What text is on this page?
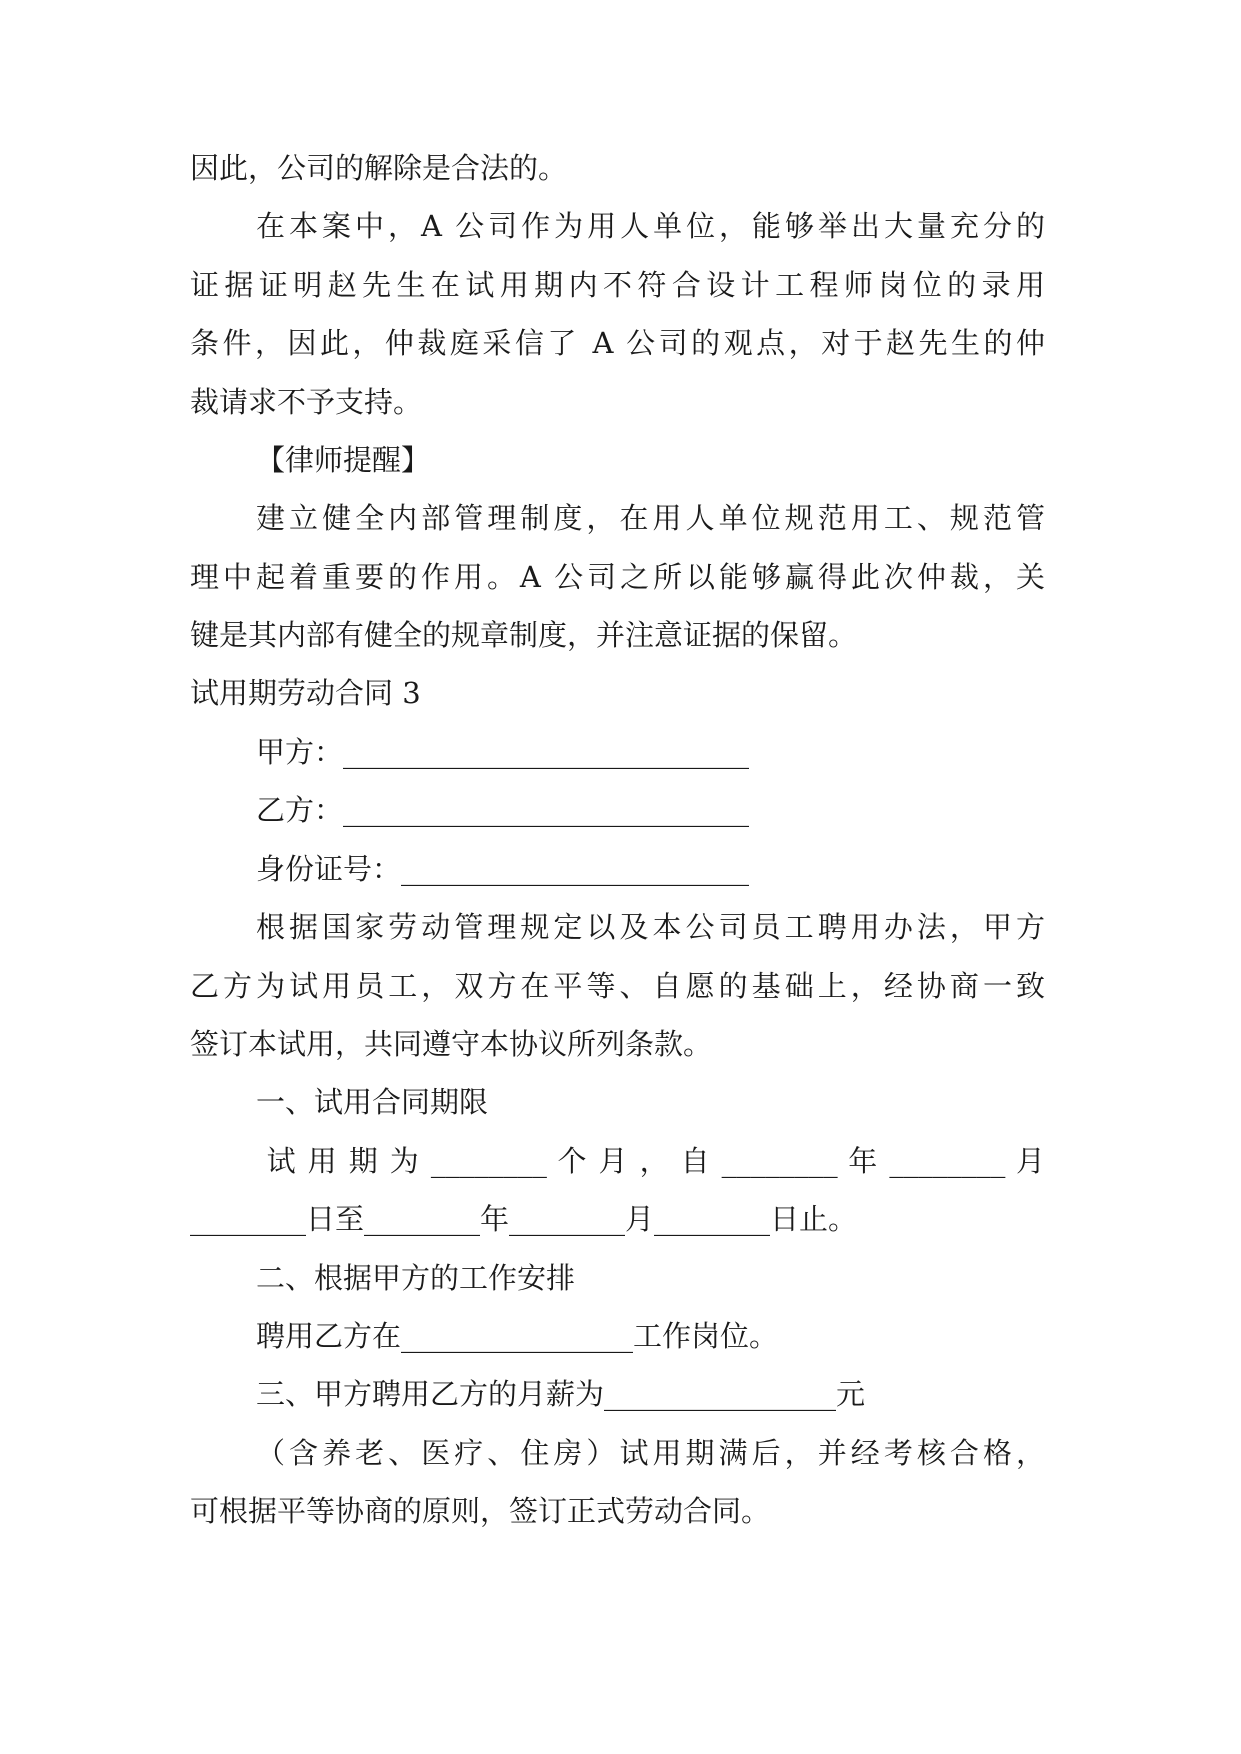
因此，公司的解除是合法的。
在本案中，A 公司作为用人单位，能够举出大量充分的
证据证明赵先生在试用期内不符合设计工程师岗位的录用
条件，因此，仲裁庭采信了 A 公司的观点，对于赵先生的仲
裁请求不予支持。
【律师提醒】
建立健全内部管理制度，在用人单位规范用工、规范管
理中起着重要的作用。A 公司之所以能够赢得此次仲裁，关
键是其内部有健全的规章制度，并注意证据的保留。
试用期劳动合同 3
甲方：____________________________
乙方：____________________________
身份证号：________________________
根据国家劳动管理规定以及本公司员工聘用办法，甲方
乙方为试用员工，双方在平等、自愿的基础上，经协商一致
签订本试用，共同遵守本协议所列条款。
一、试用合同期限
试 用 期 为 ________ 个 月 ， 自 ________ 年 ________ 月
________日至________年________月________日止。
二、根据甲方的工作安排
聘用乙方在________________工作岗位。
三、甲方聘用乙方的月薪为________________元
（含养老、医疗、住房）试用期满后，并经考核合格，
可根据平等协商的原则，签订正式劳动合同。
